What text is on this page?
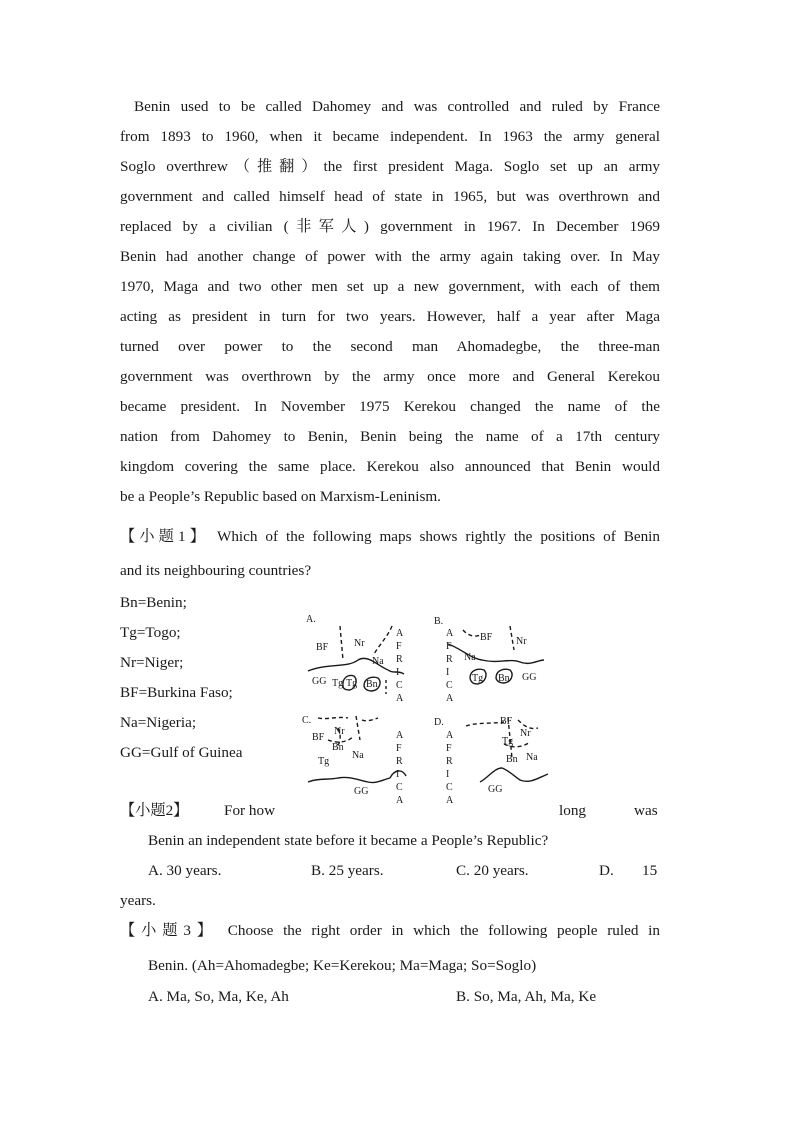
Benin used to be called Dahomey and was controlled and ruled by France
from 1893 to 1960, when it became independent. In 1963 the army general
Soglo overthrew（推翻）the first president Maga. Soglo set up an army
government and called himself head of state in 1965, but was overthrown and
replaced by a civilian (非军人) government in 1967. In December 1969
Benin had another change of power with the army again taking over. In May
1970, Maga and two other men set up a new government, with each of them
acting as president in turn for two years. However, half a year after Maga
turned over power to the second man Ahomadegbe, the three-man
government was overthrown by the army once more and General Kerekou
became president. In November 1975 Kerekou changed the name of the
nation from Dahomey to Benin, Benin being the name of a 17th century
kingdom covering the same place. Kerekou also announced that Benin would
be a People’s Republic based on Marxism-Leninism.
【小题1】 Which of the following maps shows rightly the positions of Benin
and its neighbouring countries?
Bn=Benin;
Tg=Togo;
Nr=Niger;
BF=Burkina Faso;
Na=Nigeria;
GG=Gulf of Guinea
A.	B.
C.	D.
BF	Nr
Na
GG Tg Tg Bn
A
F
R
I
C
A
A
F
R
I
C
A
BF Nr
Na
Tg Bn GG
BF
Nr
Bn
Tg
Na
GG
A
F
R
I
C
A
A
F
R
I
C
A
BF
Nr
Tg
Bn Na
GG
【小题2】 For how	long	was
Benin an independent state before it became a People’s Republic?
A. 30 years.	B. 25 years.	C. 20 years.	D. 15
years.
【小题3】 Choose the right order in which the following people ruled in
Benin. (Ah=Ahomadegbe; Ke=Kerekou; Ma=Maga; So=Soglo)
A. Ma, So, Ma, Ke, Ah	B. So, Ma, Ah, Ma, Ke
